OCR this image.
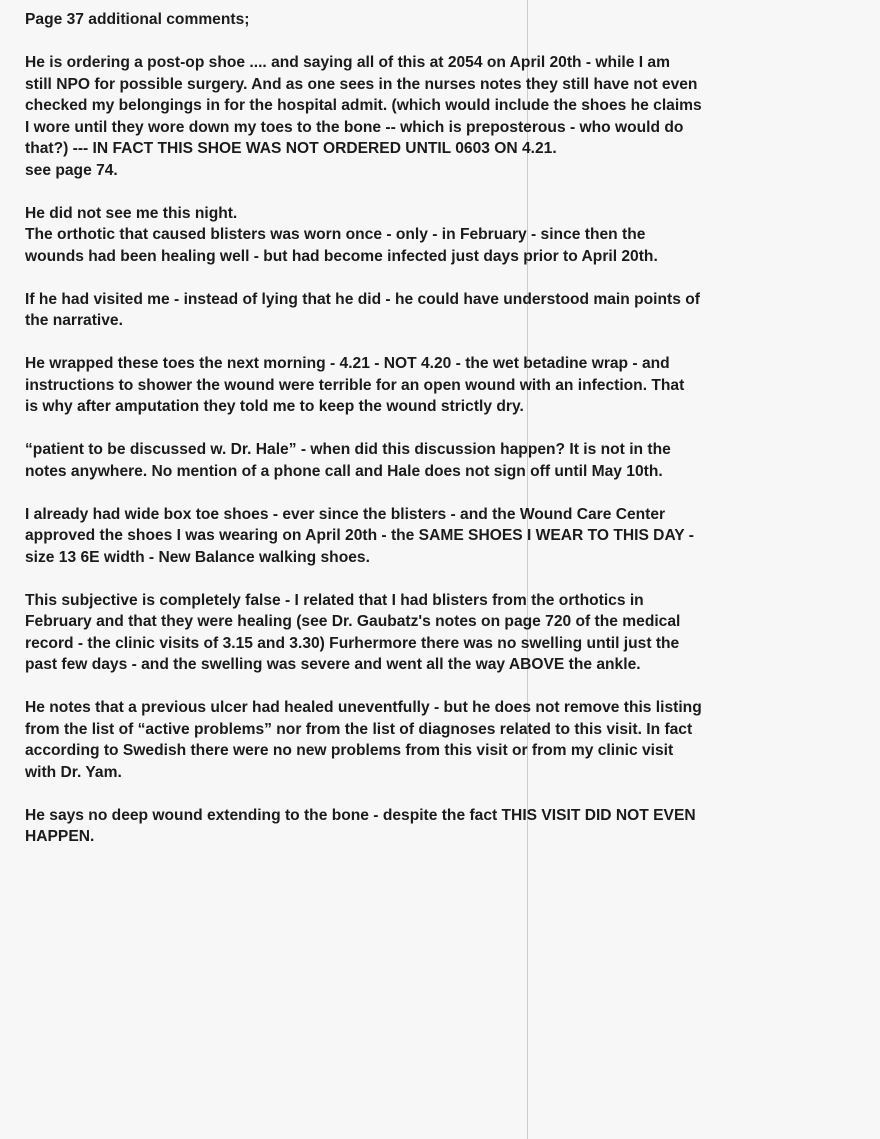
Page 37 additional comments;
He is ordering a post-op shoe .... and saying all of this at 2054 on April 20th - while I am
still NPO for possible surgery. And as one sees in the nurses notes they still have not even
checked my belongings in for the hospital admit. (which would include the shoes he claims
I wore until they wore down my toes to the bone -- which is preposterous - who would do
that?) --- IN FACT THIS SHOE WAS NOT ORDERED UNTIL 0603 ON 4.21.
see page 74.
He did not see me this night.
The orthotic that caused blisters was worn once - only - in February - since then the
wounds had been healing well - but had become infected just days prior to April 20th.
If he had visited me - instead of lying that he did - he could have understood main points of
the narrative.
He wrapped these toes the next morning - 4.21 - NOT 4.20 - the wet betadine wrap - and
instructions to shower the wound were terrible for an open wound with an infection. That
is why after amputation they told me to keep the wound strictly dry.
“patient to be discussed w. Dr. Hale” - when did this discussion happen? It is not in the
notes anywhere. No mention of a phone call and Hale does not sign off until May 10th.
I already had wide box toe shoes - ever since the blisters - and the Wound Care Center
approved the shoes I was wearing on April 20th - the SAME SHOES I WEAR TO THIS DAY -
size 13 6E width - New Balance walking shoes.
This subjective is completely false - I related that I had blisters from the orthotics in
February and that they were healing (see Dr. Gaubatz's notes on page 720 of the medical
record - the clinic visits of 3.15 and 3.30) Furhermore there was no swelling until just the
past few days - and the swelling was severe and went all the way ABOVE the ankle.
He notes that a previous ulcer had healed uneventfully - but he does not remove this listing
from the list of “active problems” nor from the list of diagnoses related to this visit. In fact
according to Swedish there were no new problems from this visit or from my clinic visit
with Dr. Yam.
He says no deep wound extending to the bone - despite the fact THIS VISIT DID NOT EVEN
HAPPEN.
